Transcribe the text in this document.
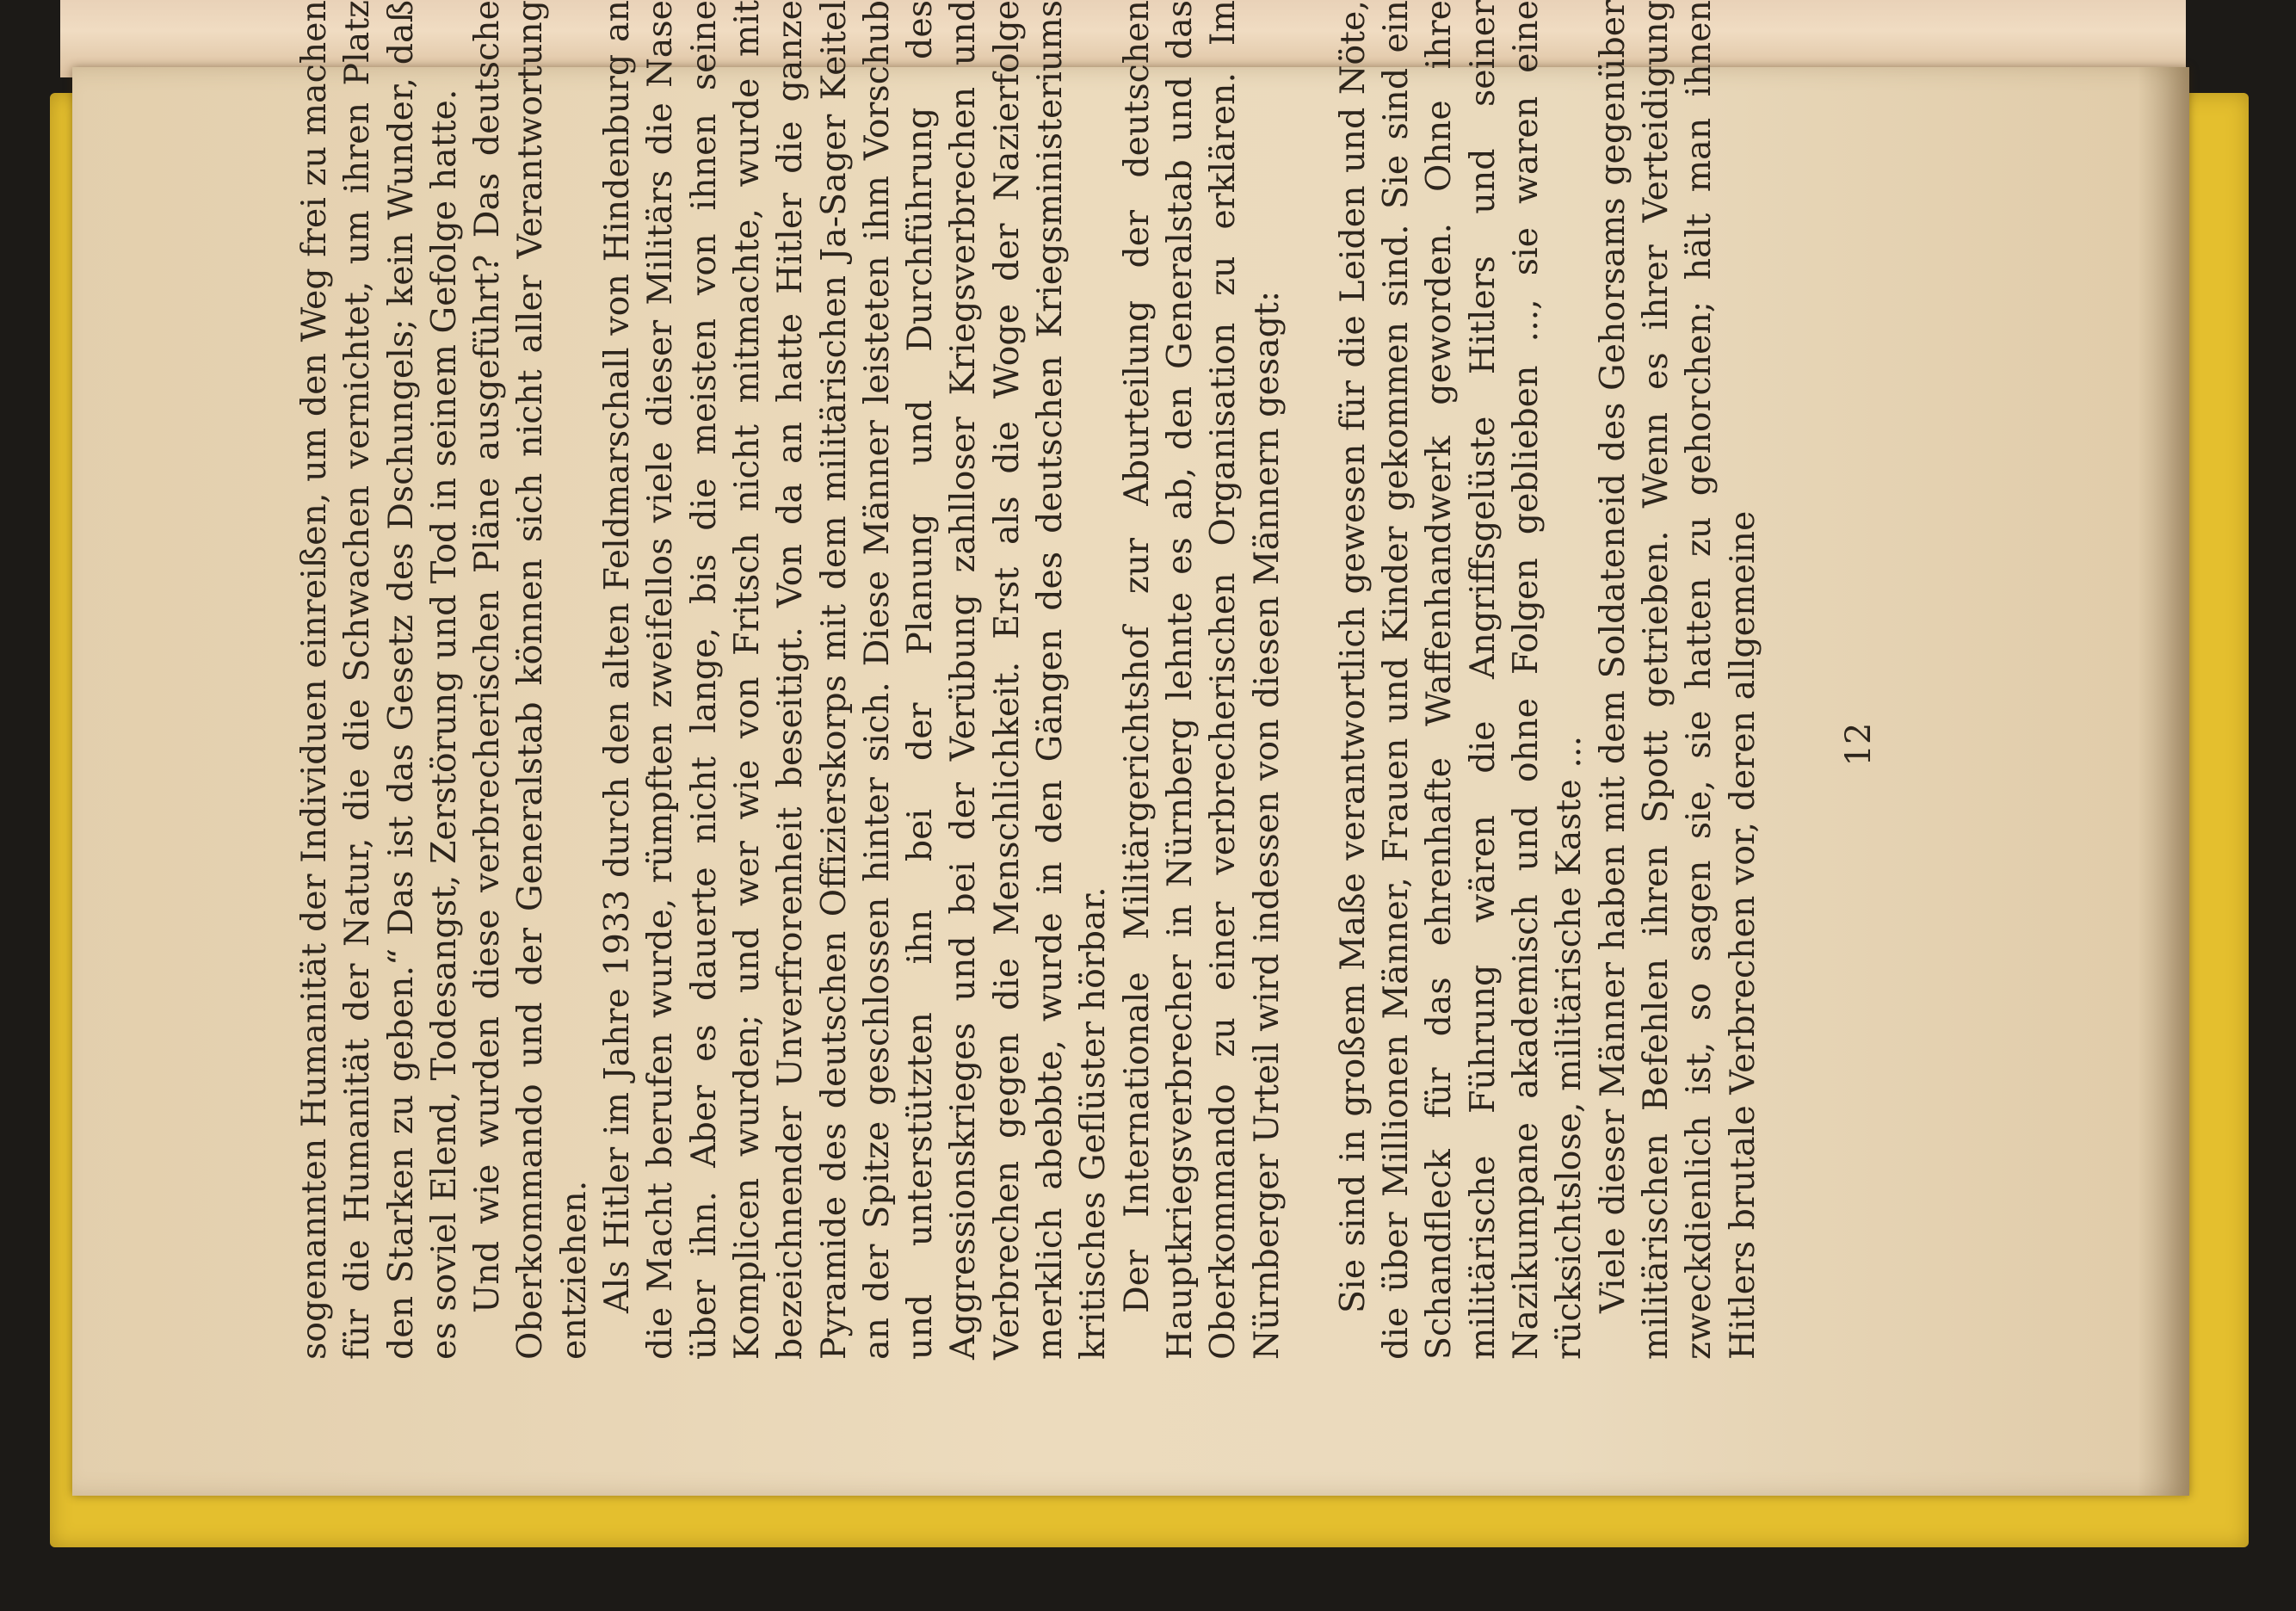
sogenannten Humanität der Individuen einreißen, um den Weg frei zu machen für die Humanität der Natur, die die Schwachen vernichtet, um ihren Platz den Starken zu geben.“ Das ist das Gesetz des Dschungels; kein Wunder, daß es soviel Elend, Todesangst, Zerstörung und Tod in seinem Gefolge hatte. Und wie wurden diese verbrecherischen Pläne ausgeführt? Das deutsche Oberkommando und der Generalstab können sich nicht aller Verantwortung entziehen. Als Hitler im Jahre 1933 durch den alten Feldmarschall von Hindenburg an die Macht berufen wurde, rümpften zweifellos viele dieser Militärs die Nase über ihn. Aber es dauerte nicht lange, bis die meisten von ihnen seine Komplicen wurden; und wer wie von Fritsch nicht mitmachte, wurde mit bezeichnender Unverfrorenheit beseitigt. Von da an hatte Hitler die ganze Pyramide des deutschen Offizierskorps mit dem militärischen Ja-Sager Keitel an der Spitze geschlossen hinter sich. Diese Männer leisteten ihm Vorschub und unterstützten ihn bei der Planung und Durchführung des Aggressionskrieges und bei der Verübung zahlloser Kriegsverbrechen und Verbrechen gegen die Menschlichkeit. Erst als die Woge der Nazierfolge merklich abebbte, wurde in den Gängen des deutschen Kriegsministeriums kritisches Geflüster hörbar. Der Internationale Militärgerichtshof zur Aburteilung der deutschen Hauptkriegsverbrecher in Nürnberg lehnte es ab, den Generalstab und das Oberkommando zu einer verbrecherischen Organisation zu erklären. Im Nürnberger Urteil wird indessen von diesen Männern gesagt: Sie sind in großem Maße verantwortlich gewesen für die Leiden und Nöte, die über Millionen Männer, Frauen und Kinder gekommen sind. Sie sind ein Schandfleck für das ehrenhafte Waffenhandwerk geworden. Ohne ihre militärische Führung wären die Angriffsgelüste Hitlers und seiner Nazikumpane akademisch und ohne Folgen geblieben ..., sie waren eine rücksichtslose, militärische Kaste ... Viele dieser Männer haben mit dem Soldateneid des Gehorsams gegenüber militärischen Befehlen ihren Spott getrieben. Wenn es ihrer Verteidigung zweckdienlich ist, so sagen sie, sie hatten zu gehorchen; hält man ihnen Hitlers brutale Verbrechen vor, deren allgemeine 12
